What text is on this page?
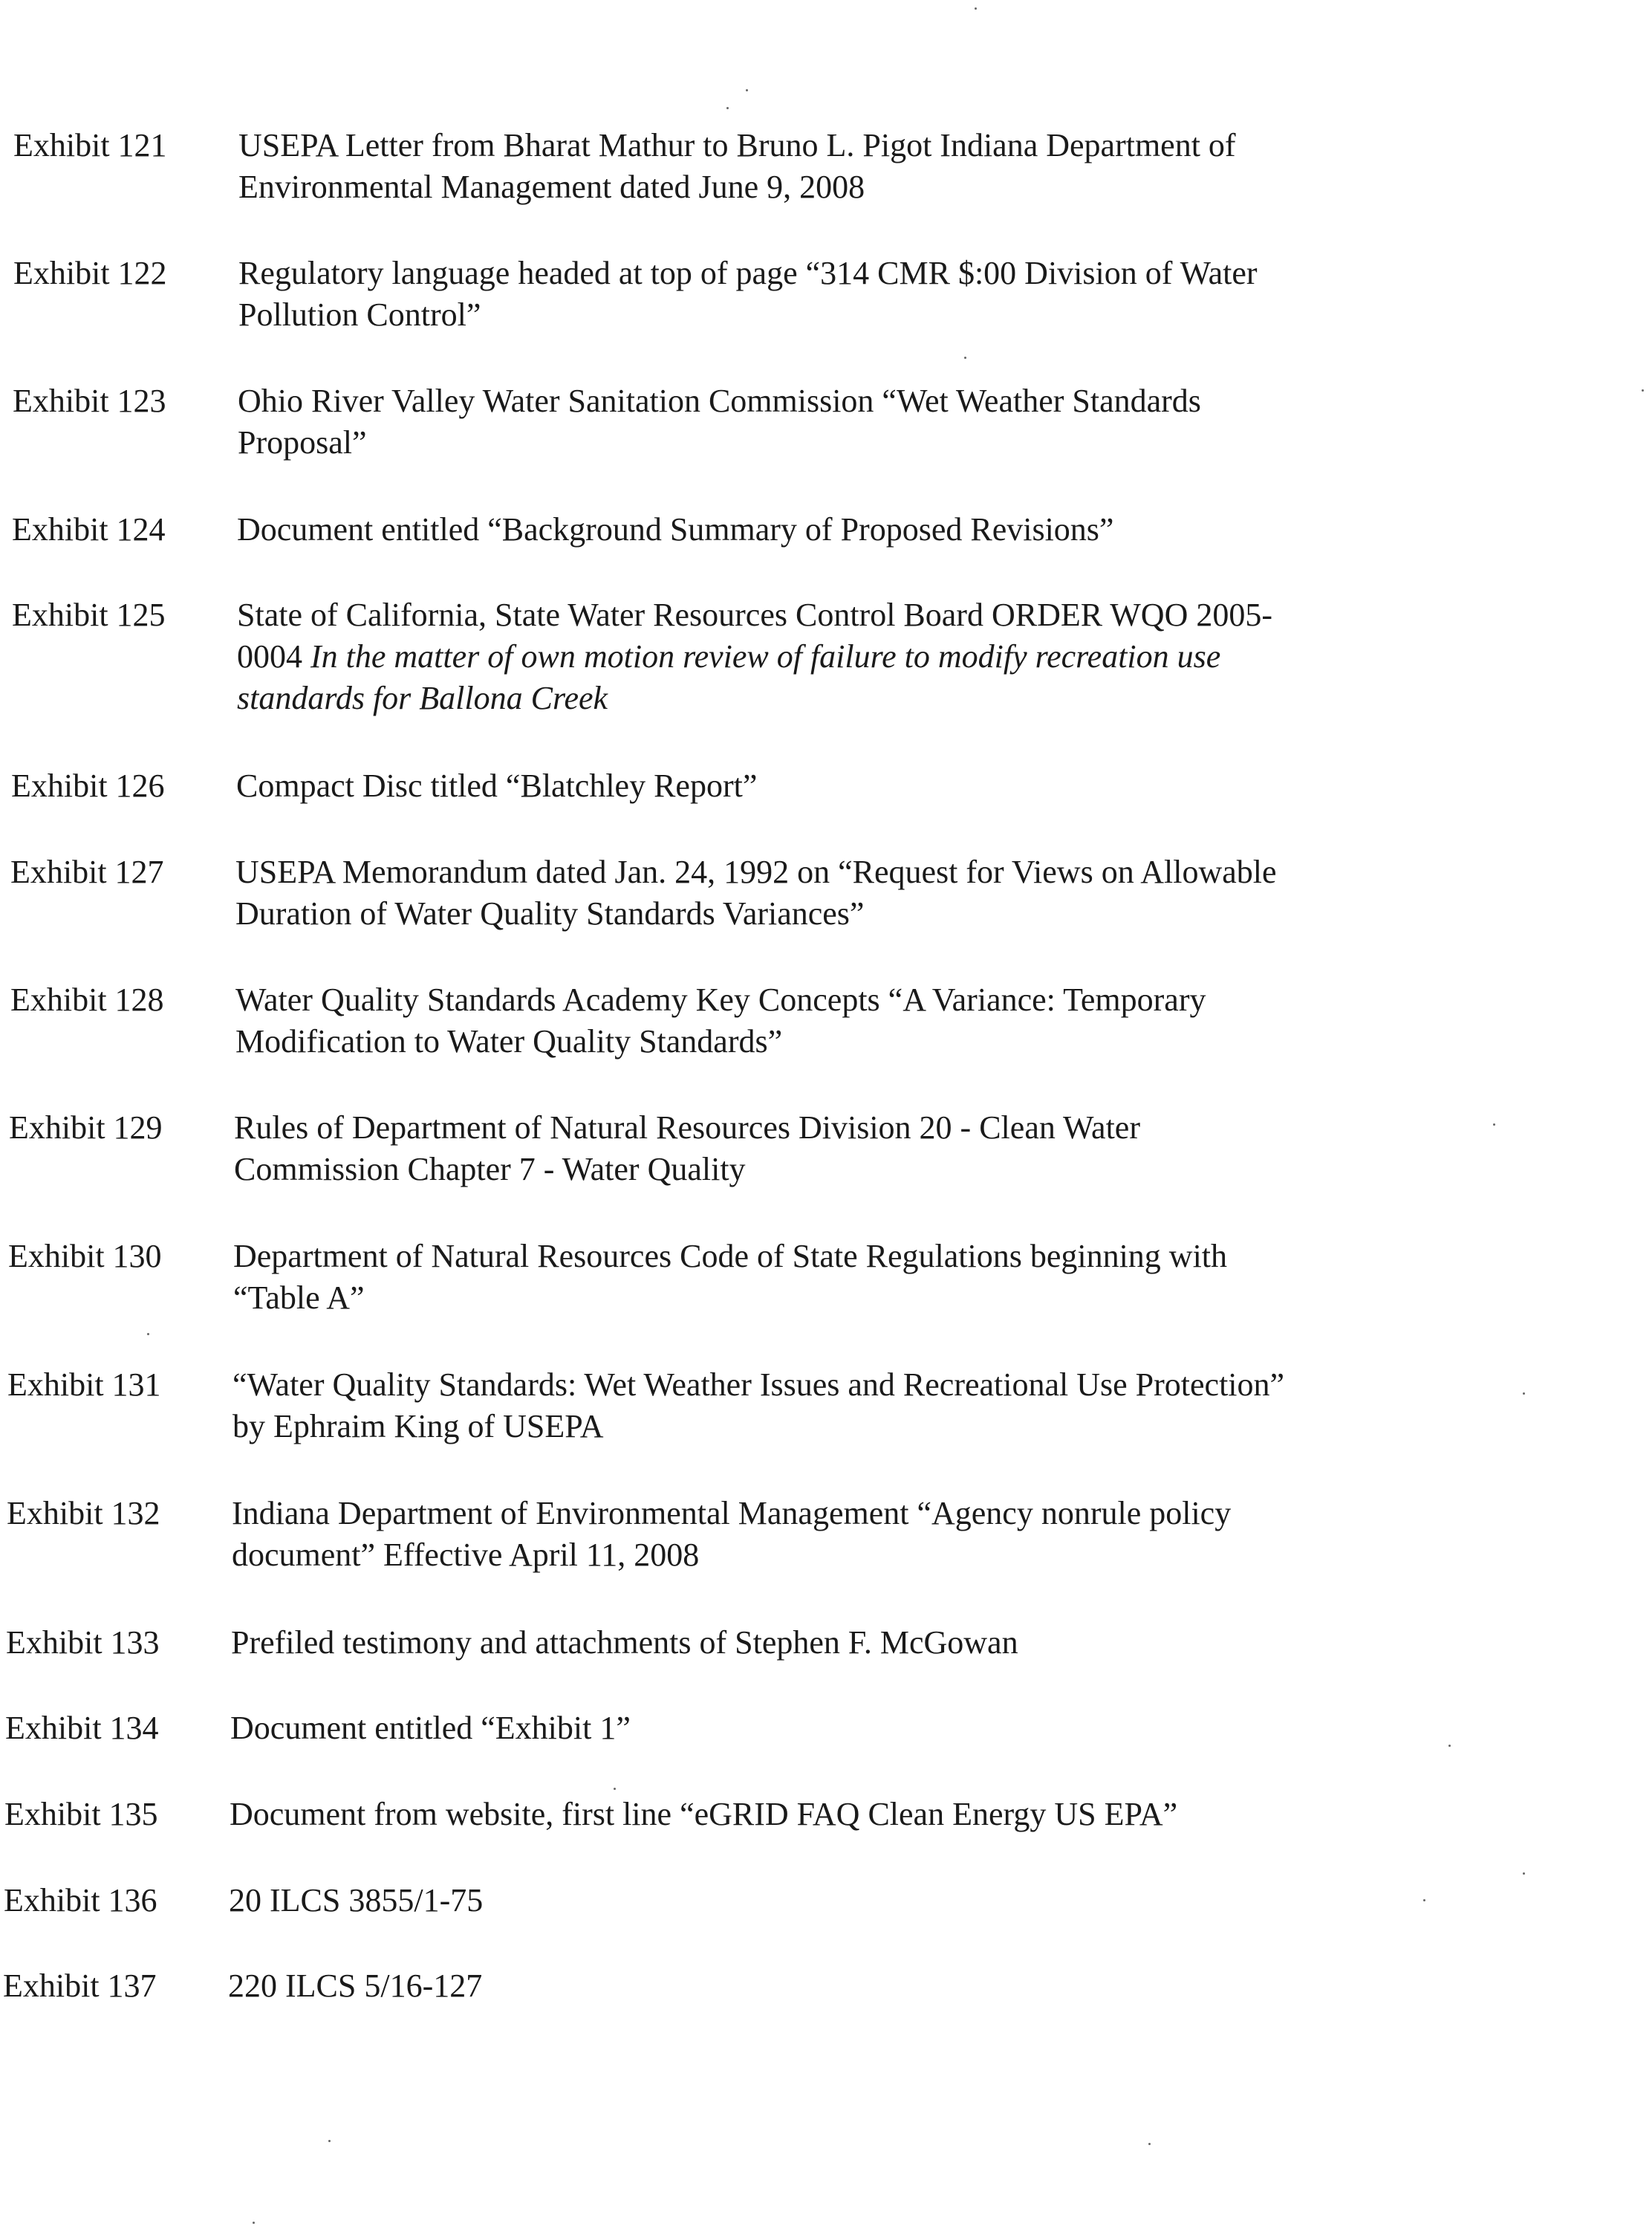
Exhibit 121 USEPA Letter from Bharat Mathur to Bruno L. Pigot Indiana Department of
Environmental Management dated June 9, 2008
Exhibit 122 Regulatory language headed at top of page “314 CMR $:00 Division of Water
Pollution Control”
Exhibit 123 Ohio River Valley Water Sanitation Commission “Wet Weather Standards
Proposal”
Exhibit 124 Document entitled “Background Summary of Proposed Revisions”
Exhibit 125 State of California, State Water Resources Control Board ORDER WQO 2005-
0004 In the matter of own motion review of failure to modify recreation use
standards for Ballona Creek
Exhibit 126 Compact Disc titled “Blatchley Report”
Exhibit 127 USEPA Memorandum dated Jan. 24, 1992 on “Request for Views on Allowable
Duration of Water Quality Standards Variances”
Exhibit 128 Water Quality Standards Academy Key Concepts “A Variance: Temporary
Modification to Water Quality Standards”
Exhibit 129 Rules of Department of Natural Resources Division 20 - Clean Water
Commission Chapter 7 - Water Quality
Exhibit 130 Department of Natural Resources Code of State Regulations beginning with
“Table A”
Exhibit 131 “Water Quality Standards: Wet Weather Issues and Recreational Use Protection”
by Ephraim King of USEPA
Exhibit 132 Indiana Department of Environmental Management “Agency nonrule policy
document” Effective April 11, 2008
Exhibit 133 Prefiled testimony and attachments of Stephen F. McGowan
Exhibit 134 Document entitled “Exhibit 1”
Exhibit 135 Document from website, first line “eGRID FAQ Clean Energy US EPA”
Exhibit 136 20 ILCS 3855/1-75
Exhibit 137 220 ILCS 5/16-127
